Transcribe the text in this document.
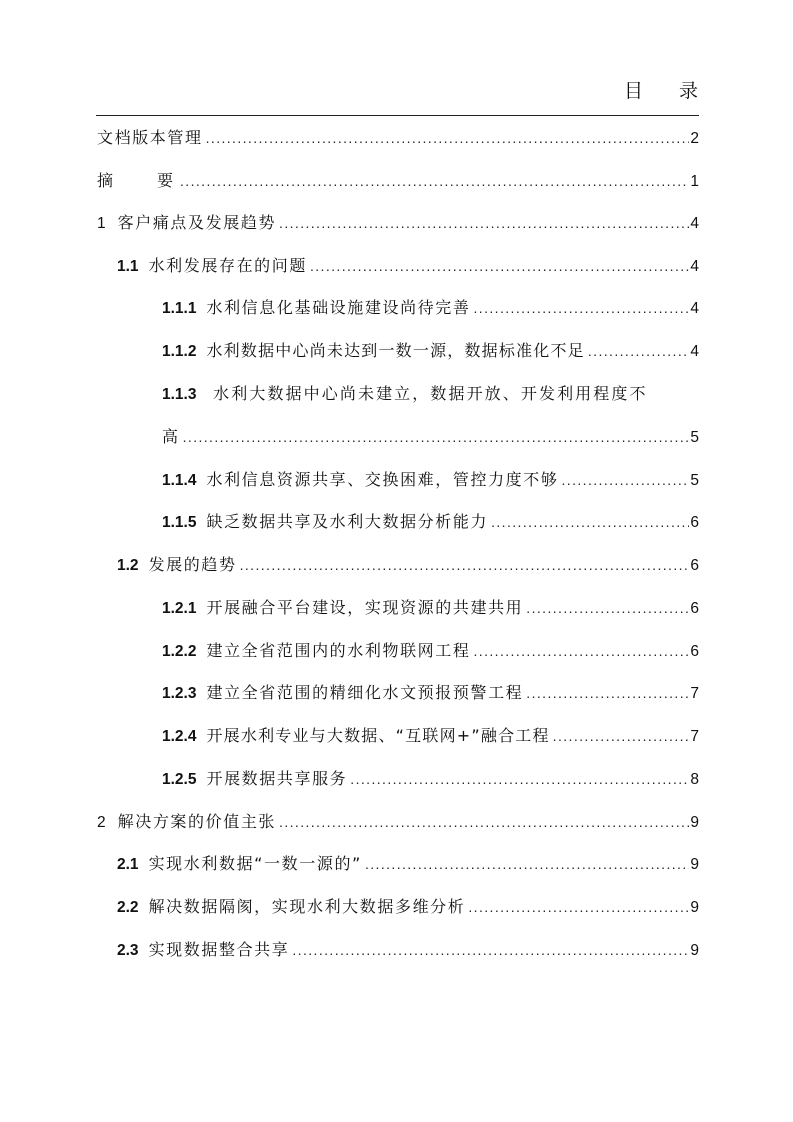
目 录
文档版本管理 .....	2
摘　　要 .....	1
1 客户痛点及发展趋势 .....	4
1.1 水利发展存在的问题 .....	4
1.1.1 水利信息化基础设施建设尚待完善 .....	4
1.1.2 水利数据中心尚未达到一数一源，数据标准化不足 .....	4
1.1.3 水利大数据中心尚未建立，数据开放、开发利用程度不
高 .....	5
1.1.4 水利信息资源共享、交换困难，管控力度不够 .....	5
1.1.5 缺乏数据共享及水利大数据分析能力 .....	6
1.2 发展的趋势 .....	6
1.2.1 开展融合平台建设，实现资源的共建共用 .....	6
1.2.2 建立全省范围内的水利物联网工程 .....	6
1.2.3 建立全省范围的精细化水文预报预警工程 .....	7
1.2.4 开展水利专业与大数据、“互联网+”融合工程 .....	7
1.2.5 开展数据共享服务 .....	8
2 解决方案的价值主张 .....	9
2.1 实现水利数据“一数一源的” .....	9
2.2 解决数据隔阂，实现水利大数据多维分析 .....	9
2.3 实现数据整合共享 .....	9
